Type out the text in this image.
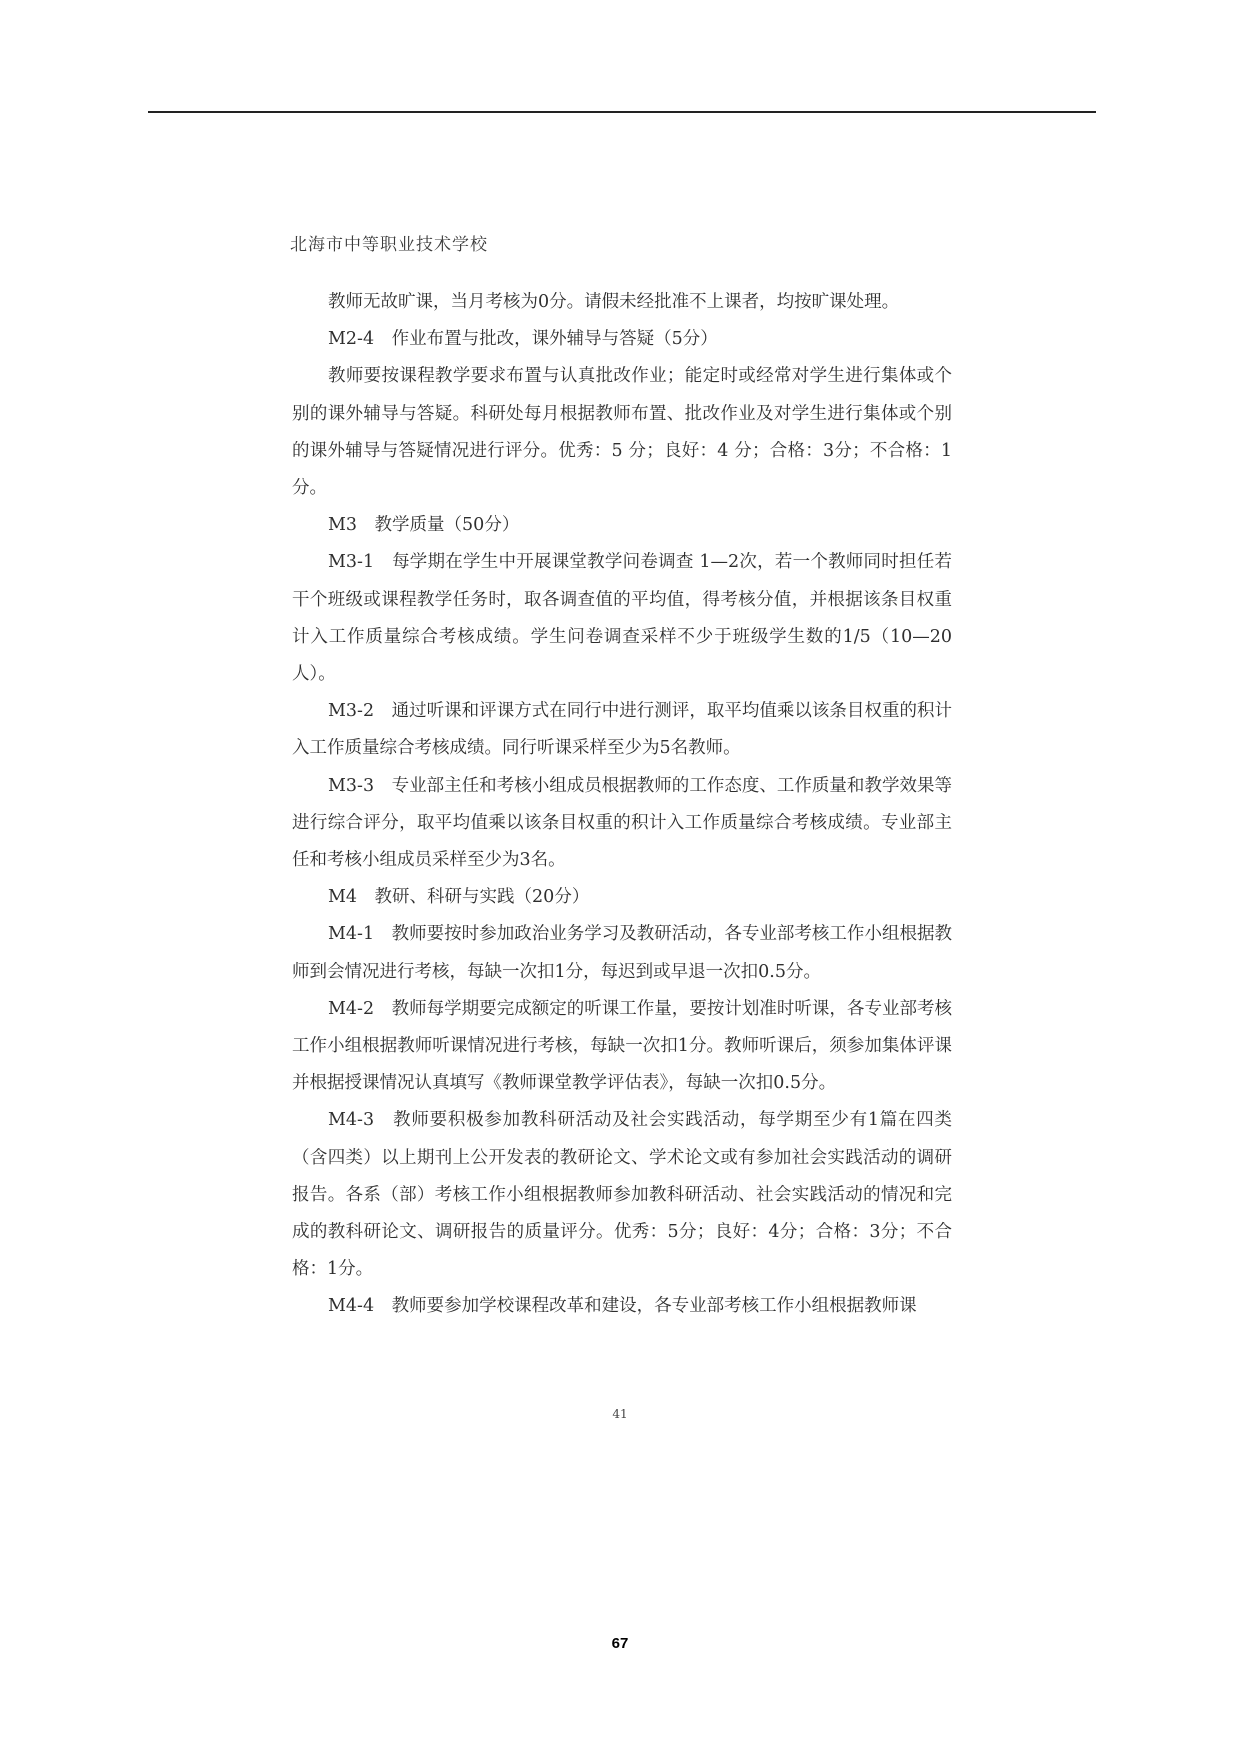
北海市中等职业技术学校

教师无故旷课，当月考核为0分。请假未经批准不上课者，均按旷课处理。

M2-4　作业布置与批改，课外辅导与答疑（5分）

教师要按课程教学要求布置与认真批改作业；能定时或经常对学生进行集体或个别的课外辅导与答疑。科研处每月根据教师布置、批改作业及对学生进行集体或个别的课外辅导与答疑情况进行评分。优秀：5 分；良好：4 分；合格：3分；不合格：1分。

M3　教学质量（50分）

M3-1　每学期在学生中开展课堂教学问卷调查 1—2次，若一个教师同时担任若干个班级或课程教学任务时，取各调查值的平均值，得考核分值，并根据该条目权重计入工作质量综合考核成绩。学生问卷调查采样不少于班级学生数的1/5（10—20人）。

M3-2　通过听课和评课方式在同行中进行测评，取平均值乘以该条目权重的积计入工作质量综合考核成绩。同行听课采样至少为5名教师。

M3-3　专业部主任和考核小组成员根据教师的工作态度、工作质量和教学效果等进行综合评分，取平均值乘以该条目权重的积计入工作质量综合考核成绩。专业部主任和考核小组成员采样至少为3名。

M4　教研、科研与实践（20分）

M4-1　教师要按时参加政治业务学习及教研活动，各专业部考核工作小组根据教师到会情况进行考核，每缺一次扣1分，每迟到或早退一次扣0.5分。

M4-2　教师每学期要完成额定的听课工作量，要按计划准时听课，各专业部考核工作小组根据教师听课情况进行考核，每缺一次扣1分。教师听课后，须参加集体评课并根据授课情况认真填写《教师课堂教学评估表》，每缺一次扣0.5分。

M4-3　教师要积极参加教科研活动及社会实践活动，每学期至少有1篇在四类（含四类）以上期刊上公开发表的教研论文、学术论文或有参加社会实践活动的调研报告。各系（部）考核工作小组根据教师参加教科研活动、社会实践活动的情况和完成的教科研论文、调研报告的质量评分。优秀：5分；良好：4分；合格：3分；不合格：1分。

M4-4　教师要参加学校课程改革和建设，各专业部考核工作小组根据教师课

41
67
